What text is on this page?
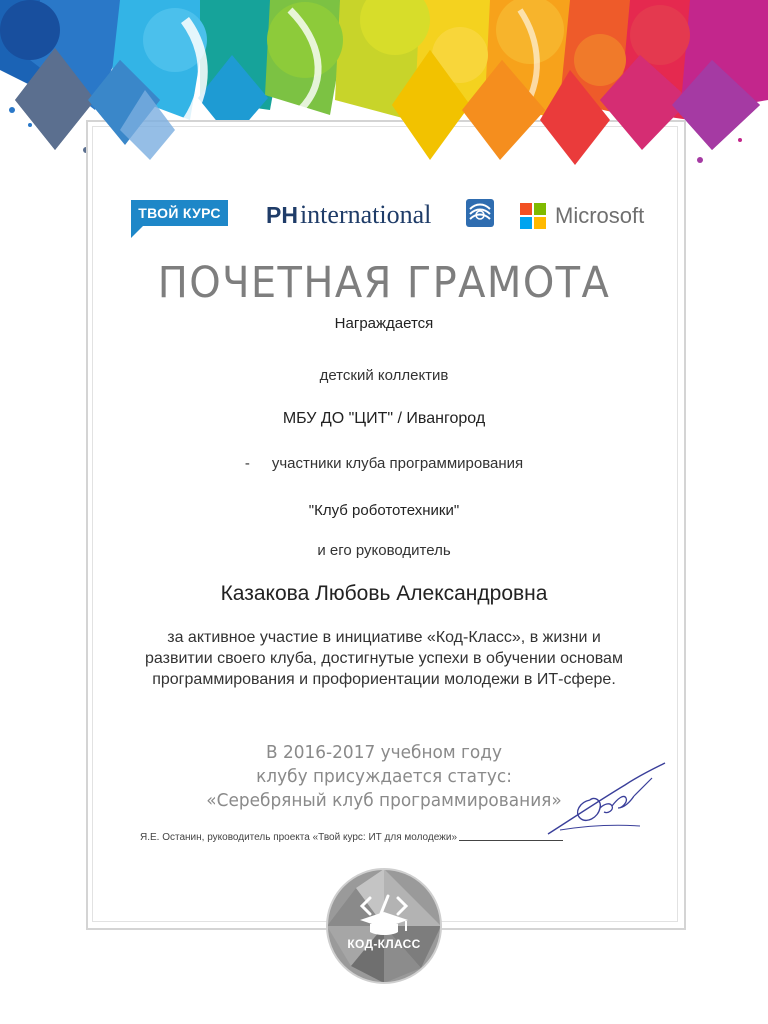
ТВОЙ КУРС PH international	Microsoft
ПОЧЕТНАЯ ГРАМОТА
Награждается
детский коллектив
МБУ ДО "ЦИТ" / Ивангород
- участники клуба программирования
"Клуб робототехники"
и его руководитель
Казакова Любовь Александровна
за активное участие в инициативе «Код-Класс», в жизни и развитии своего клуба, достигнутые успехи в обучении основам программирования и профориентации молодежи в ИТ-сфере.
В 2016-2017 учебном году
клубу присуждается статус:
«Серебряный клуб программирования»
Я.Е. Останин, руководитель проекта «Твой курс: ИТ для молодежи»
КОД-КЛАСС
